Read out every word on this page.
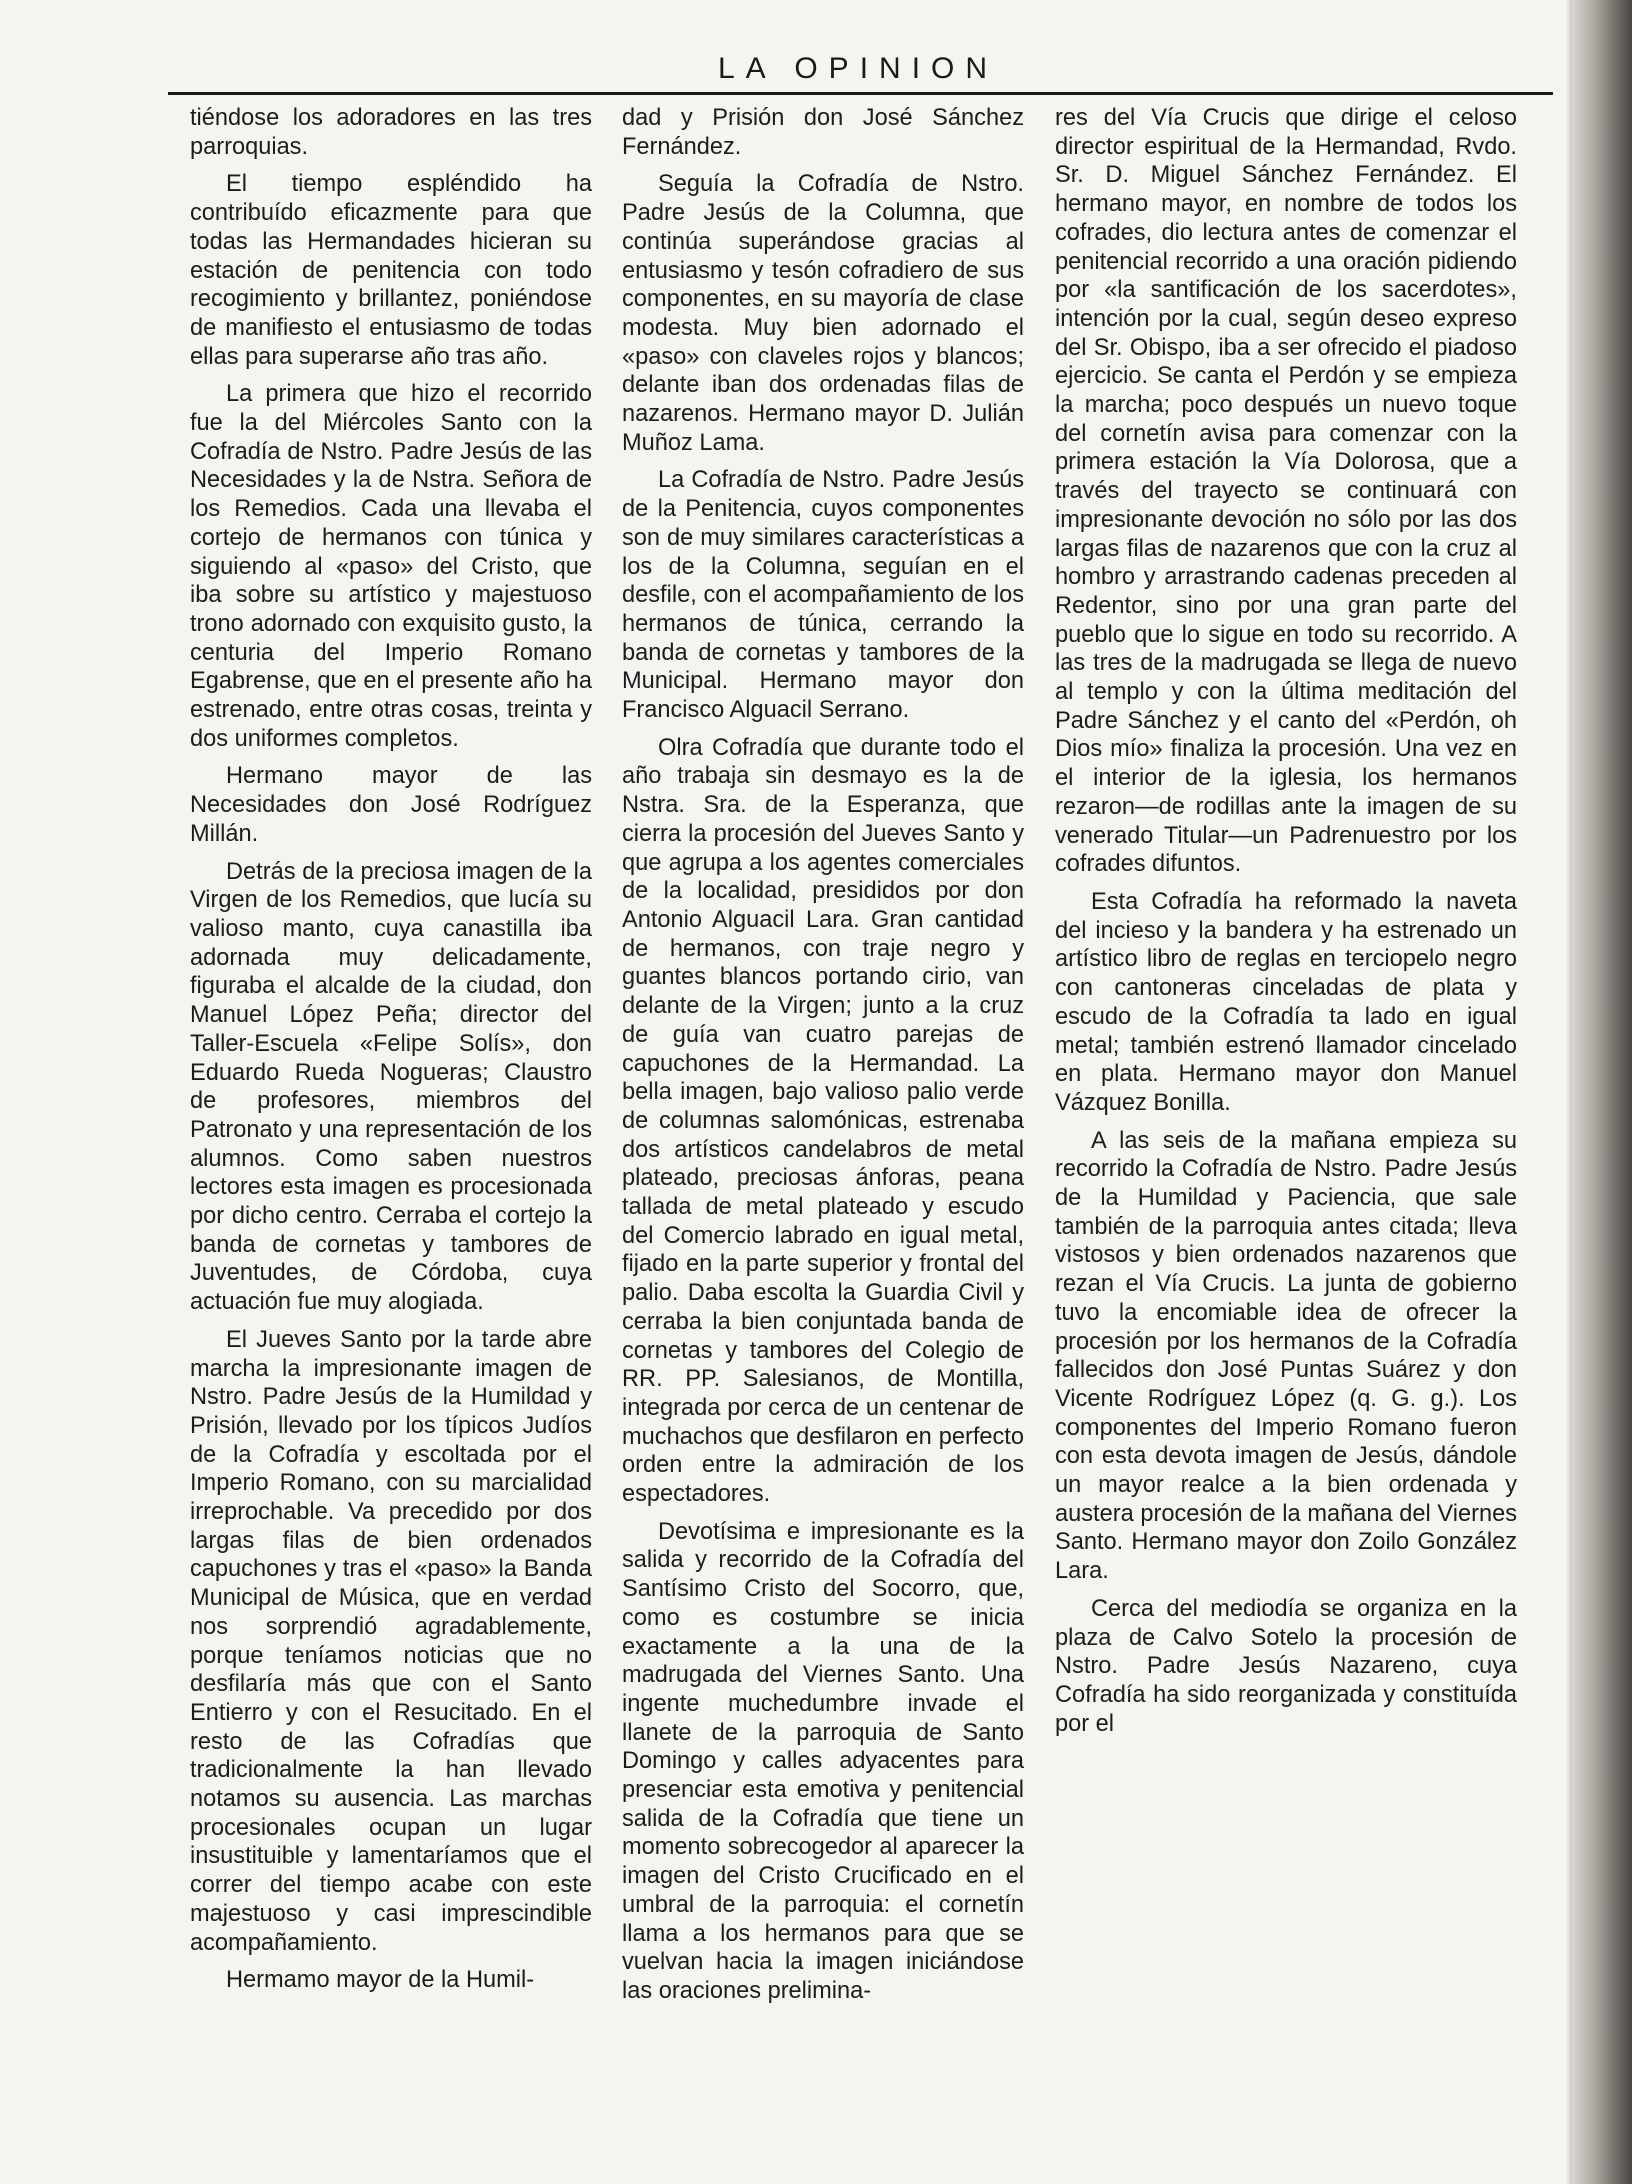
LA OPINION

tiéndose los adoradores en las tres parroquias.

El tiempo espléndido ha contribuído eficazmente para que todas las Hermandades hicieran su estación de penitencia con todo recogimiento y brillantez, poniéndose de manifiesto el entusiasmo de todas ellas para superarse año tras año.

La primera que hizo el recorrido fue la del Miércoles Santo con la Cofradía de Nstro. Padre Jesús de las Necesidades y la de Nstra. Señora de los Remedios. Cada una llevaba el cortejo de hermanos con túnica y siguiendo al «paso» del Cristo, que iba sobre su artístico y majestuoso trono adornado con exquisito gusto, la centuria del Imperio Romano Egabrense, que en el presente año ha estrenado, entre otras cosas, treinta y dos uniformes completos.

Hermano mayor de las Necesidades don José Rodríguez Millán.

Detrás de la preciosa imagen de la Virgen de los Remedios, que lucía su valioso manto, cuya canastilla iba adornada muy delicadamente, figuraba el alcalde de la ciudad, don Manuel López Peña; director del Taller-Escuela «Felipe Solís», don Eduardo Rueda Nogueras; Claustro de profesores, miembros del Patronato y una representación de los alumnos. Como saben nuestros lectores esta imagen es procesionada por dicho centro. Cerraba el cortejo la banda de cornetas y tambores de Juventudes, de Córdoba, cuya actuación fue muy alogiada.

El Jueves Santo por la tarde abre marcha la impresionante imagen de Nstro. Padre Jesús de la Humildad y Prisión, llevado por los típicos Judíos de la Cofradía y escoltada por el Imperio Romano, con su marcialidad irreprochable. Va precedido por dos largas filas de bien ordenados capuchones y tras el «paso» la Banda Municipal de Música, que en verdad nos sorprendió agradablemente, porque teníamos noticias que no desfilaría más que con el Santo Entierro y con el Resucitado. En el resto de las Cofradías que tradicionalmente la han llevado notamos su ausencia. Las marchas procesionales ocupan un lugar insustituible y lamentaríamos que el correr del tiempo acabe con este majestuoso y casi imprescindible acompañamiento.

Hermamo mayor de la Humil-

dad y Prisión don José Sánchez Fernández.

Seguía la Cofradía de Nstro. Padre Jesús de la Columna, que continúa superándose gracias al entusiasmo y tesón cofradiero de sus componentes, en su mayoría de clase modesta. Muy bien adornado el «paso» con claveles rojos y blancos; delante iban dos ordenadas filas de nazarenos. Hermano mayor D. Julián Muñoz Lama.

La Cofradía de Nstro. Padre Jesús de la Penitencia, cuyos componentes son de muy similares características a los de la Columna, seguían en el desfile, con el acompañamiento de los hermanos de túnica, cerrando la banda de cornetas y tambores de la Municipal. Hermano mayor don Francisco Alguacil Serrano.

Olra Cofradía que durante todo el año trabaja sin desmayo es la de Nstra. Sra. de la Esperanza, que cierra la procesión del Jueves Santo y que agrupa a los agentes comerciales de la localidad, presididos por don Antonio Alguacil Lara. Gran cantidad de hermanos, con traje negro y guantes blancos portando cirio, van delante de la Virgen; junto a la cruz de guía van cuatro parejas de capuchones de la Hermandad. La bella imagen, bajo valioso palio verde de columnas salomónicas, estrenaba dos artísticos candelabros de metal plateado, preciosas ánforas, peana tallada de metal plateado y escudo del Comercio labrado en igual metal, fijado en la parte superior y frontal del palio. Daba escolta la Guardia Civil y cerraba la bien conjuntada banda de cornetas y tambores del Colegio de RR. PP. Salesianos, de Montilla, integrada por cerca de un centenar de muchachos que desfilaron en perfecto orden entre la admiración de los espectadores.

Devotísima e impresionante es la salida y recorrido de la Cofradía del Santísimo Cristo del Socorro, que, como es costumbre se inicia exactamente a la una de la madrugada del Viernes Santo. Una ingente muchedumbre invade el llanete de la parroquia de Santo Domingo y calles adyacentes para presenciar esta emotiva y penitencial salida de la Cofradía que tiene un momento sobrecogedor al aparecer la imagen del Cristo Crucificado en el umbral de la parroquia: el cornetín llama a los hermanos para que se vuelvan hacia la imagen iniciándose las oraciones prelimina-

res del Vía Crucis que dirige el celoso director espiritual de la Hermandad, Rvdo. Sr. D. Miguel Sánchez Fernández. El hermano mayor, en nombre de todos los cofrades, dio lectura antes de comenzar el penitencial recorrido a una oración pidiendo por «la santificación de los sacerdotes», intención por la cual, según deseo expreso del Sr. Obispo, iba a ser ofrecido el piadoso ejercicio. Se canta el Perdón y se empieza la marcha; poco después un nuevo toque del cornetín avisa para comenzar con la primera estación la Vía Dolorosa, que a través del trayecto se continuará con impresionante devoción no sólo por las dos largas filas de nazarenos que con la cruz al hombro y arrastrando cadenas preceden al Redentor, sino por una gran parte del pueblo que lo sigue en todo su recorrido. A las tres de la madrugada se llega de nuevo al templo y con la última meditación del Padre Sánchez y el canto del «Perdón, oh Dios mío» finaliza la procesión. Una vez en el interior de la iglesia, los hermanos rezaron—de rodillas ante la imagen de su venerado Titular—un Padrenuestro por los cofrades difuntos.

Esta Cofradía ha reformado la naveta del incieso y la bandera y ha estrenado un artístico libro de reglas en terciopelo negro con cantoneras cinceladas de plata y escudo de la Cofradía ta lado en igual metal; también estrenó llamador cincelado en plata. Hermano mayor don Manuel Vázquez Bonilla.

A las seis de la mañana empieza su recorrido la Cofradía de Nstro. Padre Jesús de la Humildad y Paciencia, que sale también de la parroquia antes citada; lleva vistosos y bien ordenados nazarenos que rezan el Vía Crucis. La junta de gobierno tuvo la encomiable idea de ofrecer la procesión por los hermanos de la Cofradía fallecidos don José Puntas Suárez y don Vicente Rodríguez López (q. G. g.). Los componentes del Imperio Romano fueron con esta devota imagen de Jesús, dándole un mayor realce a la bien ordenada y austera procesión de la mañana del Viernes Santo. Hermano mayor don Zoilo González Lara.

Cerca del mediodía se organiza en la plaza de Calvo Sotelo la procesión de Nstro. Padre Jesús Nazareno, cuya Cofradía ha sido reorganizada y constituída por el
